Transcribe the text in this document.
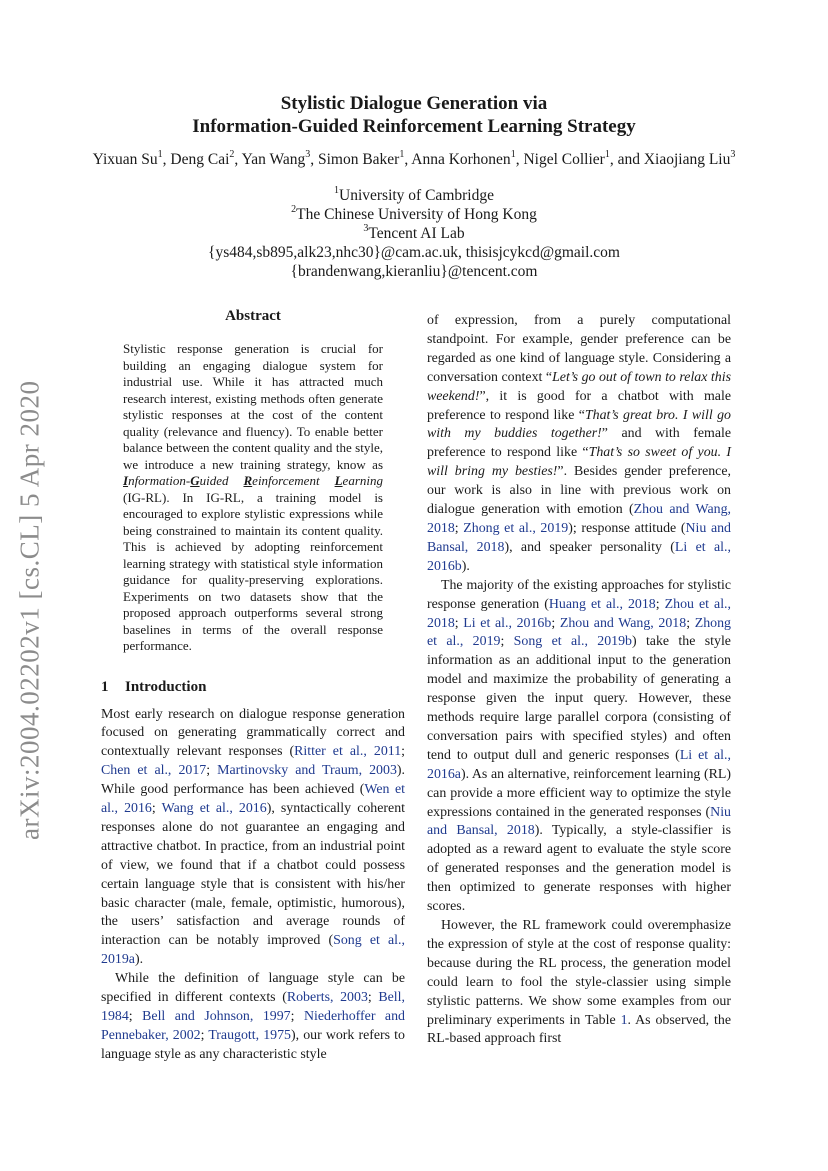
arXiv:2004.02202v1 [cs.CL] 5 Apr 2020
Stylistic Dialogue Generation via
Information-Guided Reinforcement Learning Strategy
Yixuan Su$^1$, Deng Cai$^2$, Yan Wang$^3$, Simon Baker$^1$, Anna Korhonen$^1$, Nigel Collier$^1$, and Xiaojiang Liu$^3$
$^1$University of Cambridge
$^2$The Chinese University of Hong Kong
$^3$Tencent AI Lab
{ys484,sb895,alk23,nhc30}@cam.ac.uk, thisisjcykcd@gmail.com
{brandenwang,kieranliu}@tencent.com
Abstract

Stylistic response generation is crucial for building an engaging dialogue system for industrial use. While it has attracted much research interest, existing methods often generate stylistic responses at the cost of the content quality (relevance and fluency). To enable better balance between the content quality and the style, we introduce a new training strategy, know as Information-Guided Reinforcement Learning (IG-RL). In IG-RL, a training model is encouraged to explore stylistic expressions while being constrained to maintain its content quality. This is achieved by adopting reinforcement learning strategy with statistical style information guidance for quality-preserving explorations. Experiments on two datasets show that the proposed approach outperforms several strong baselines in terms of the overall response performance.

1 Introduction

Most early research on dialogue response generation focused on generating grammatically correct and contextually relevant responses (Ritter et al., 2011; Chen et al., 2017; Martinovsky and Traum, 2003). While good performance has been achieved (Wen et al., 2016; Wang et al., 2016), syntactically coherent responses alone do not guarantee an engaging and attractive chatbot. In practice, from an industrial point of view, we found that if a chatbot could possess certain language style that is consistent with his/her basic character (male, female, optimistic, humorous), the users’ satisfaction and average rounds of interaction can be notably improved (Song et al., 2019a).

While the definition of language style can be specified in different contexts (Roberts, 2003; Bell, 1984; Bell and Johnson, 1997; Niederhoffer and Pennebaker, 2002; Traugott, 1975), our work refers to language style as any characteristic style

of expression, from a purely computational standpoint. For example, gender preference can be regarded as one kind of language style. Considering a conversation context “Let’s go out of town to relax this weekend!”, it is good for a chatbot with male preference to respond like “That’s great bro. I will go with my buddies together!” and with female preference to respond like “That’s so sweet of you. I will bring my besties!”. Besides gender preference, our work is also in line with previous work on dialogue generation with emotion (Zhou and Wang, 2018; Zhong et al., 2019); response attitude (Niu and Bansal, 2018), and speaker personality (Li et al., 2016b).

The majority of the existing approaches for stylistic response generation (Huang et al., 2018; Zhou et al., 2018; Li et al., 2016b; Zhou and Wang, 2018; Zhong et al., 2019; Song et al., 2019b) take the style information as an additional input to the generation model and maximize the probability of generating a response given the input query. However, these methods require large parallel corpora (consisting of conversation pairs with specified styles) and often tend to output dull and generic responses (Li et al., 2016a). As an alternative, reinforcement learning (RL) can provide a more efficient way to optimize the style expressions contained in the generated responses (Niu and Bansal, 2018). Typically, a style-classifier is adopted as a reward agent to evaluate the style score of generated responses and the generation model is then optimized to generate responses with higher scores.

However, the RL framework could overemphasize the expression of style at the cost of response quality: because during the RL process, the generation model could learn to fool the style-classier using simple stylistic patterns. We show some examples from our preliminary experiments in Table 1. As observed, the RL-based approach first
